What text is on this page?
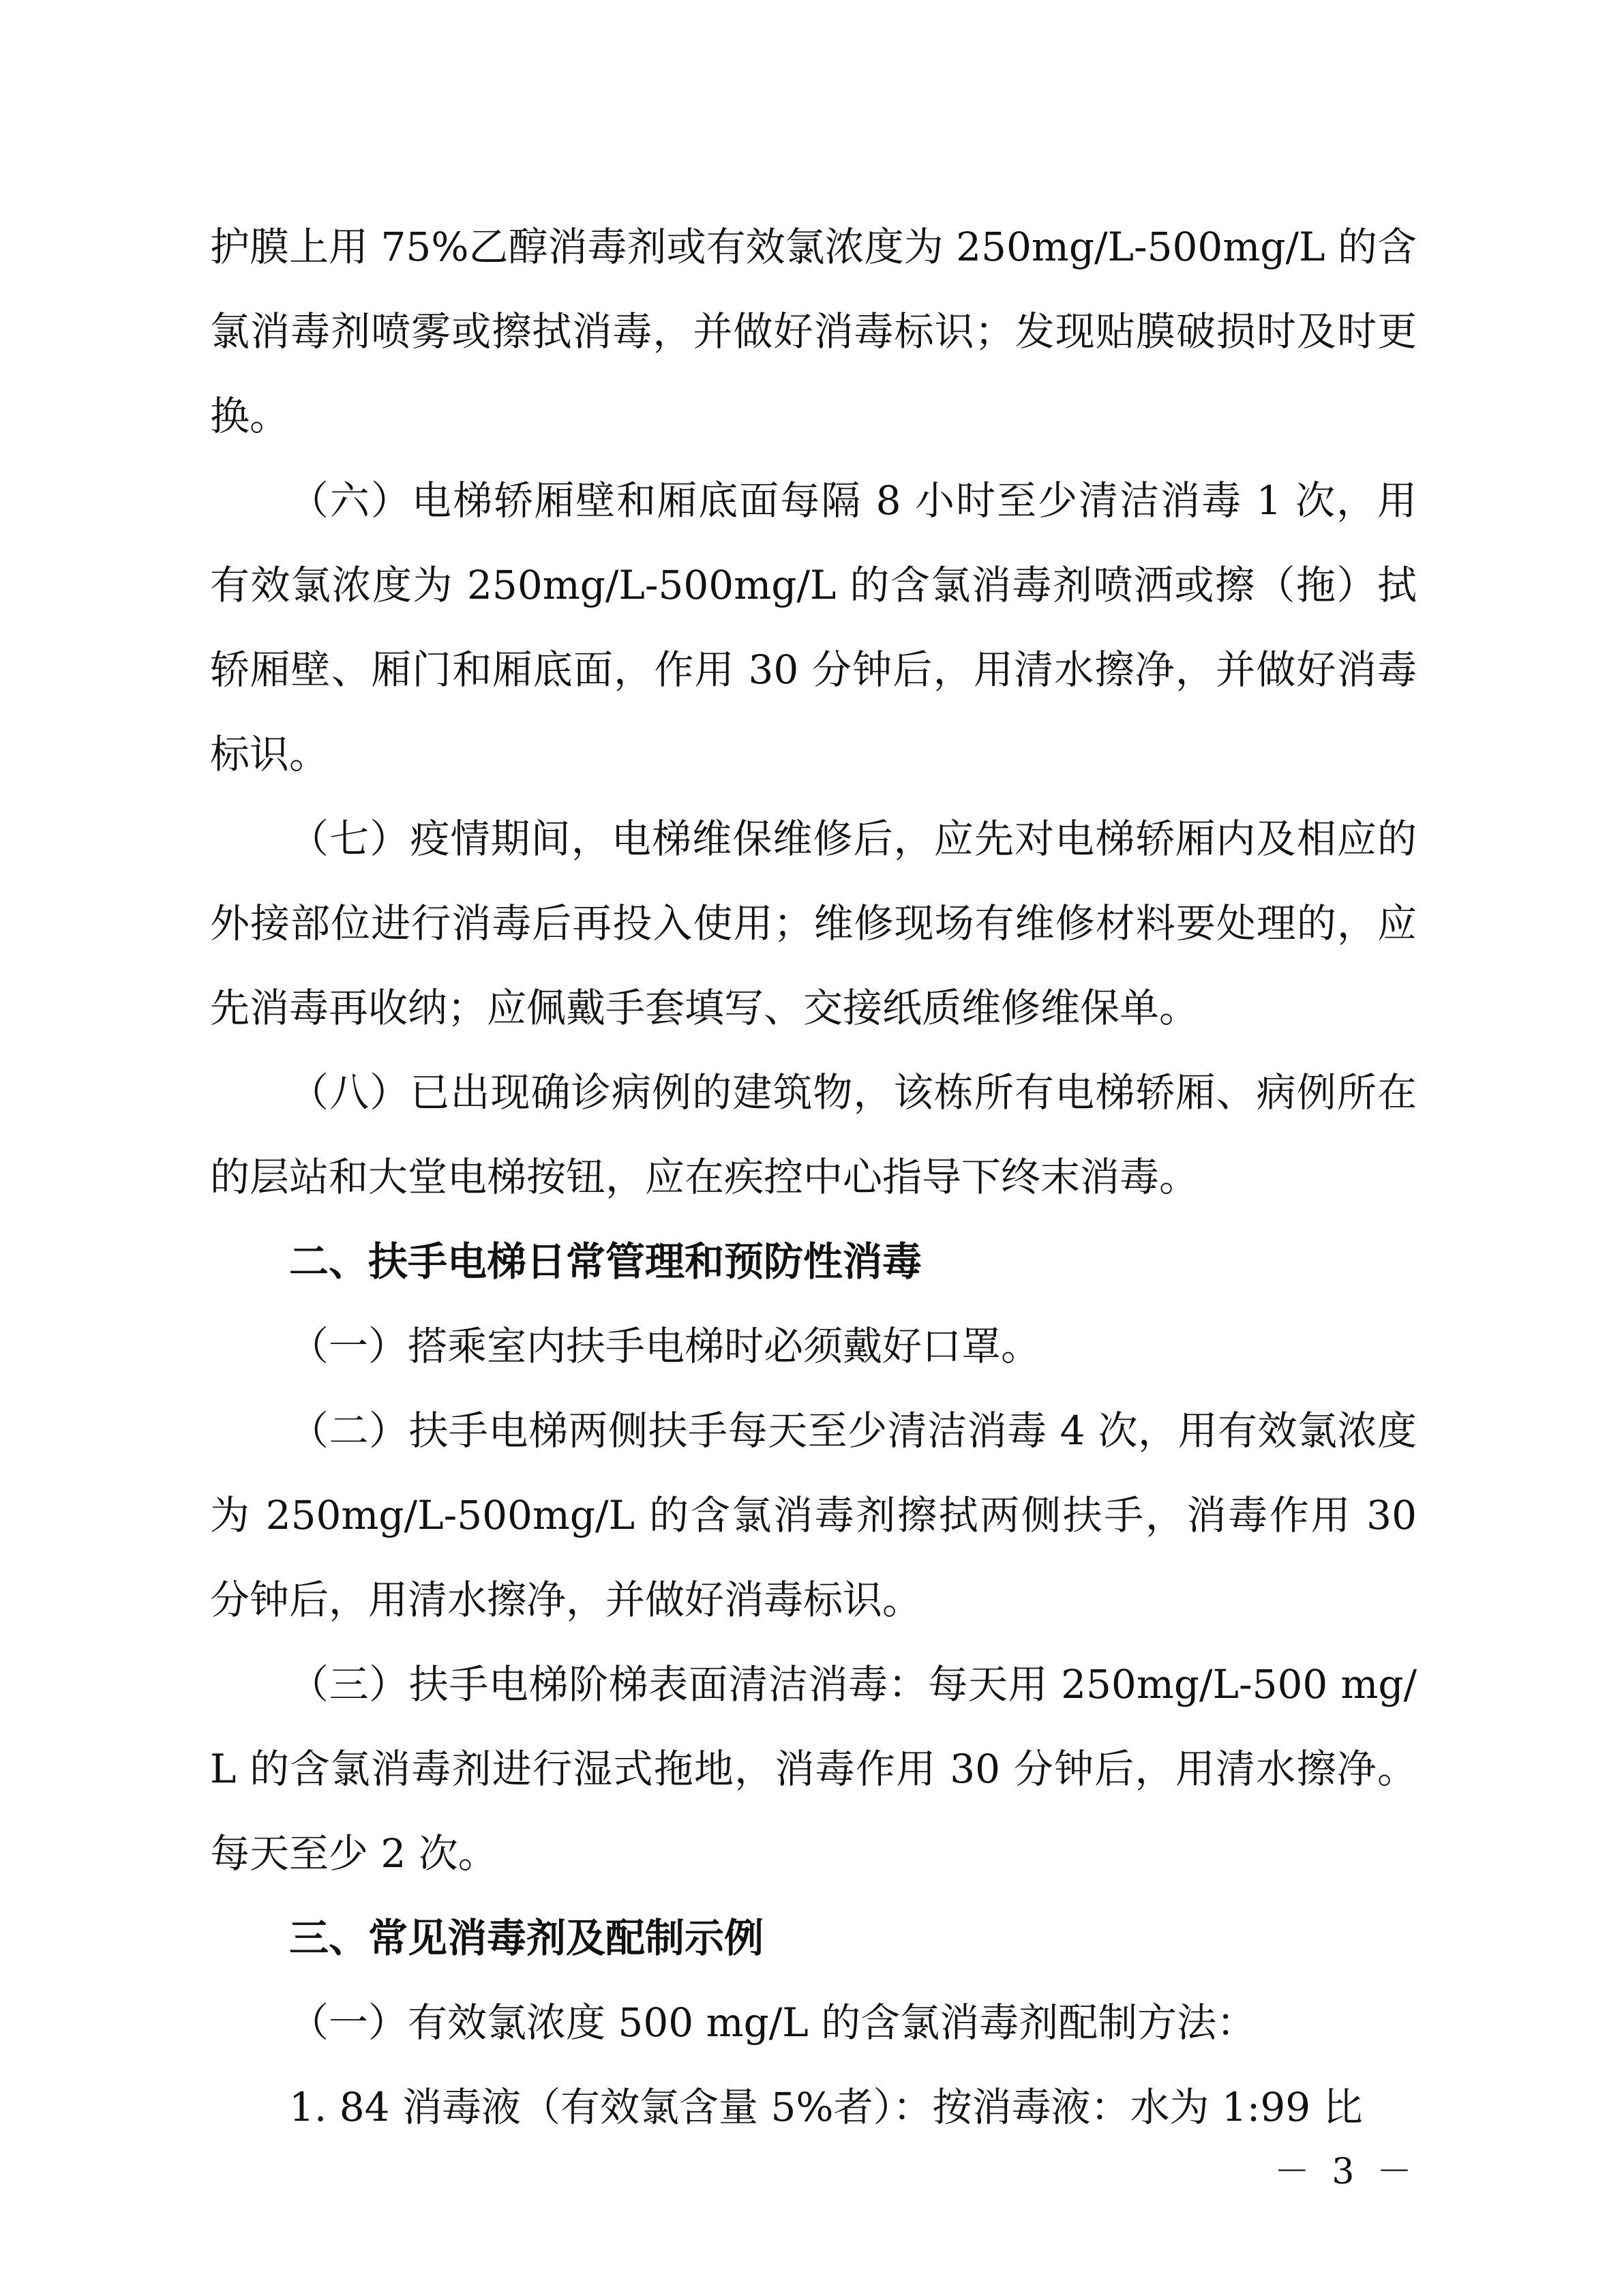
护膜上用 75%乙醇消毒剂或有效氯浓度为 250mg/L-500mg/L 的含氯消毒剂喷雾或擦拭消毒，并做好消毒标识；发现贴膜破损时及时更换。

（六）电梯轿厢壁和厢底面每隔 8 小时至少清洁消毒 1 次，用有效氯浓度为 250mg/L-500mg/L 的含氯消毒剂喷洒或擦（拖）拭轿厢壁、厢门和厢底面，作用 30 分钟后，用清水擦净，并做好消毒标识。

（七）疫情期间，电梯维保维修后，应先对电梯轿厢内及相应的外接部位进行消毒后再投入使用；维修现场有维修材料要处理的，应先消毒再收纳；应佩戴手套填写、交接纸质维修维保单。

（八）已出现确诊病例的建筑物，该栋所有电梯轿厢、病例所在的层站和大堂电梯按钮，应在疾控中心指导下终末消毒。

二、扶手电梯日常管理和预防性消毒

（一）搭乘室内扶手电梯时必须戴好口罩。

（二）扶手电梯两侧扶手每天至少清洁消毒 4 次，用有效氯浓度为 250mg/L-500mg/L 的含氯消毒剂擦拭两侧扶手，消毒作用 30 分钟后，用清水擦净，并做好消毒标识。

（三）扶手电梯阶梯表面清洁消毒：每天用 250mg/L-500 mg/L 的含氯消毒剂进行湿式拖地，消毒作用 30 分钟后，用清水擦净。每天至少 2 次。

三、常见消毒剂及配制示例

（一）有效氯浓度 500 mg/L 的含氯消毒剂配制方法：

1. 84 消毒液（有效氯含量 5%者）：按消毒液：水为 1:99 比

－ 3 －
